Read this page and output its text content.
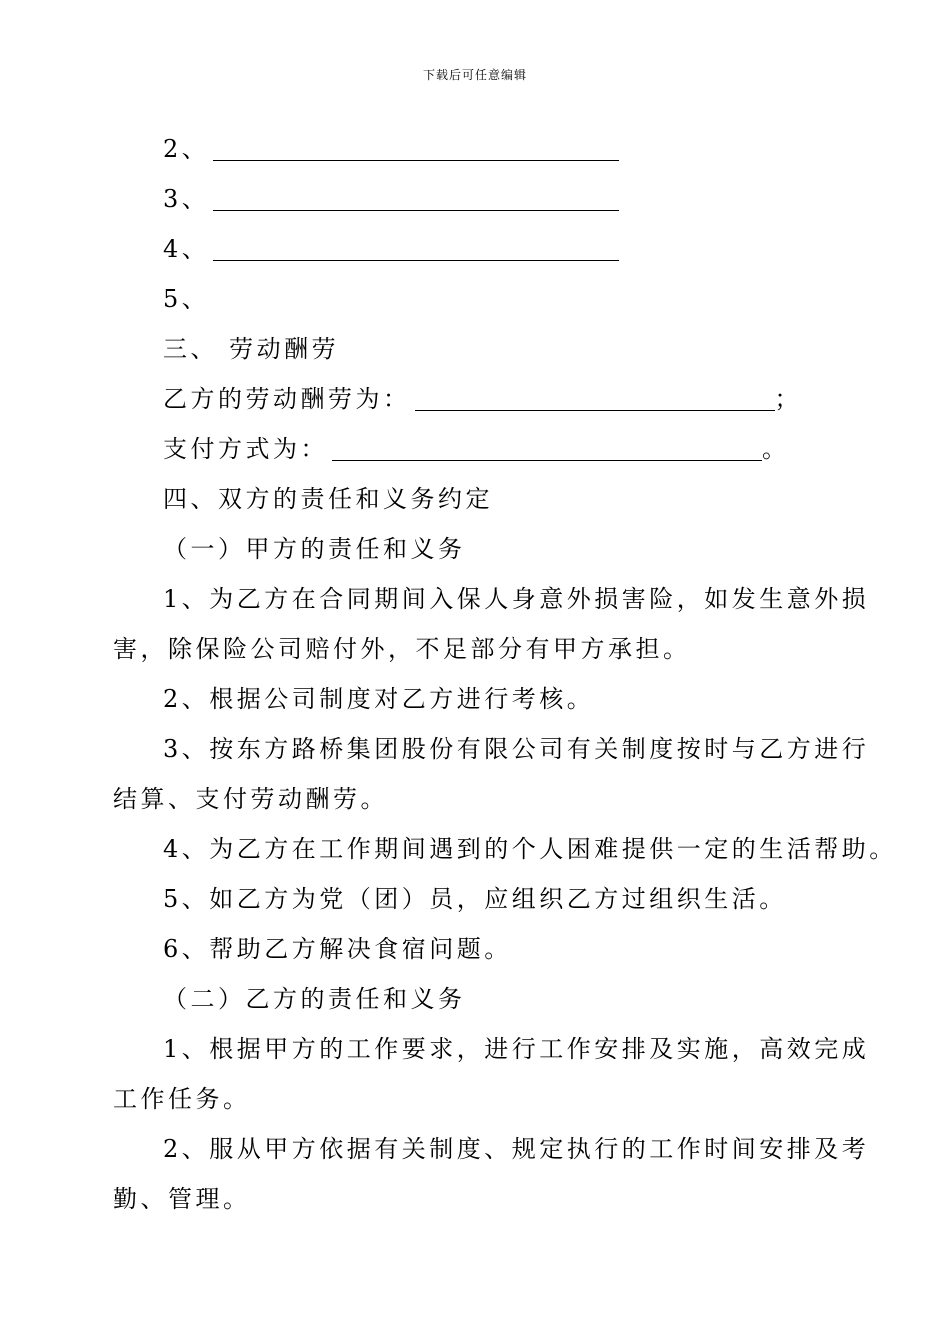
下载后可任意编辑
2、
3、
4、
5、
三、 劳动酬劳
乙方的劳动酬劳为：	；
支付方式为：	。
四、双方的责任和义务约定
（一）甲方的责任和义务
1、为乙方在合同期间入保人身意外损害险，如发生意外损
害，除保险公司赔付外，不足部分有甲方承担。
2、根据公司制度对乙方进行考核。
3、按东方路桥集团股份有限公司有关制度按时与乙方进行
结算、支付劳动酬劳。
4、为乙方在工作期间遇到的个人困难提供一定的生活帮助。
5、如乙方为党（团）员，应组织乙方过组织生活。
6、帮助乙方解决食宿问题。
（二）乙方的责任和义务
1、根据甲方的工作要求，进行工作安排及实施，高效完成
工作任务。
2、服从甲方依据有关制度、规定执行的工作时间安排及考
勤、管理。
